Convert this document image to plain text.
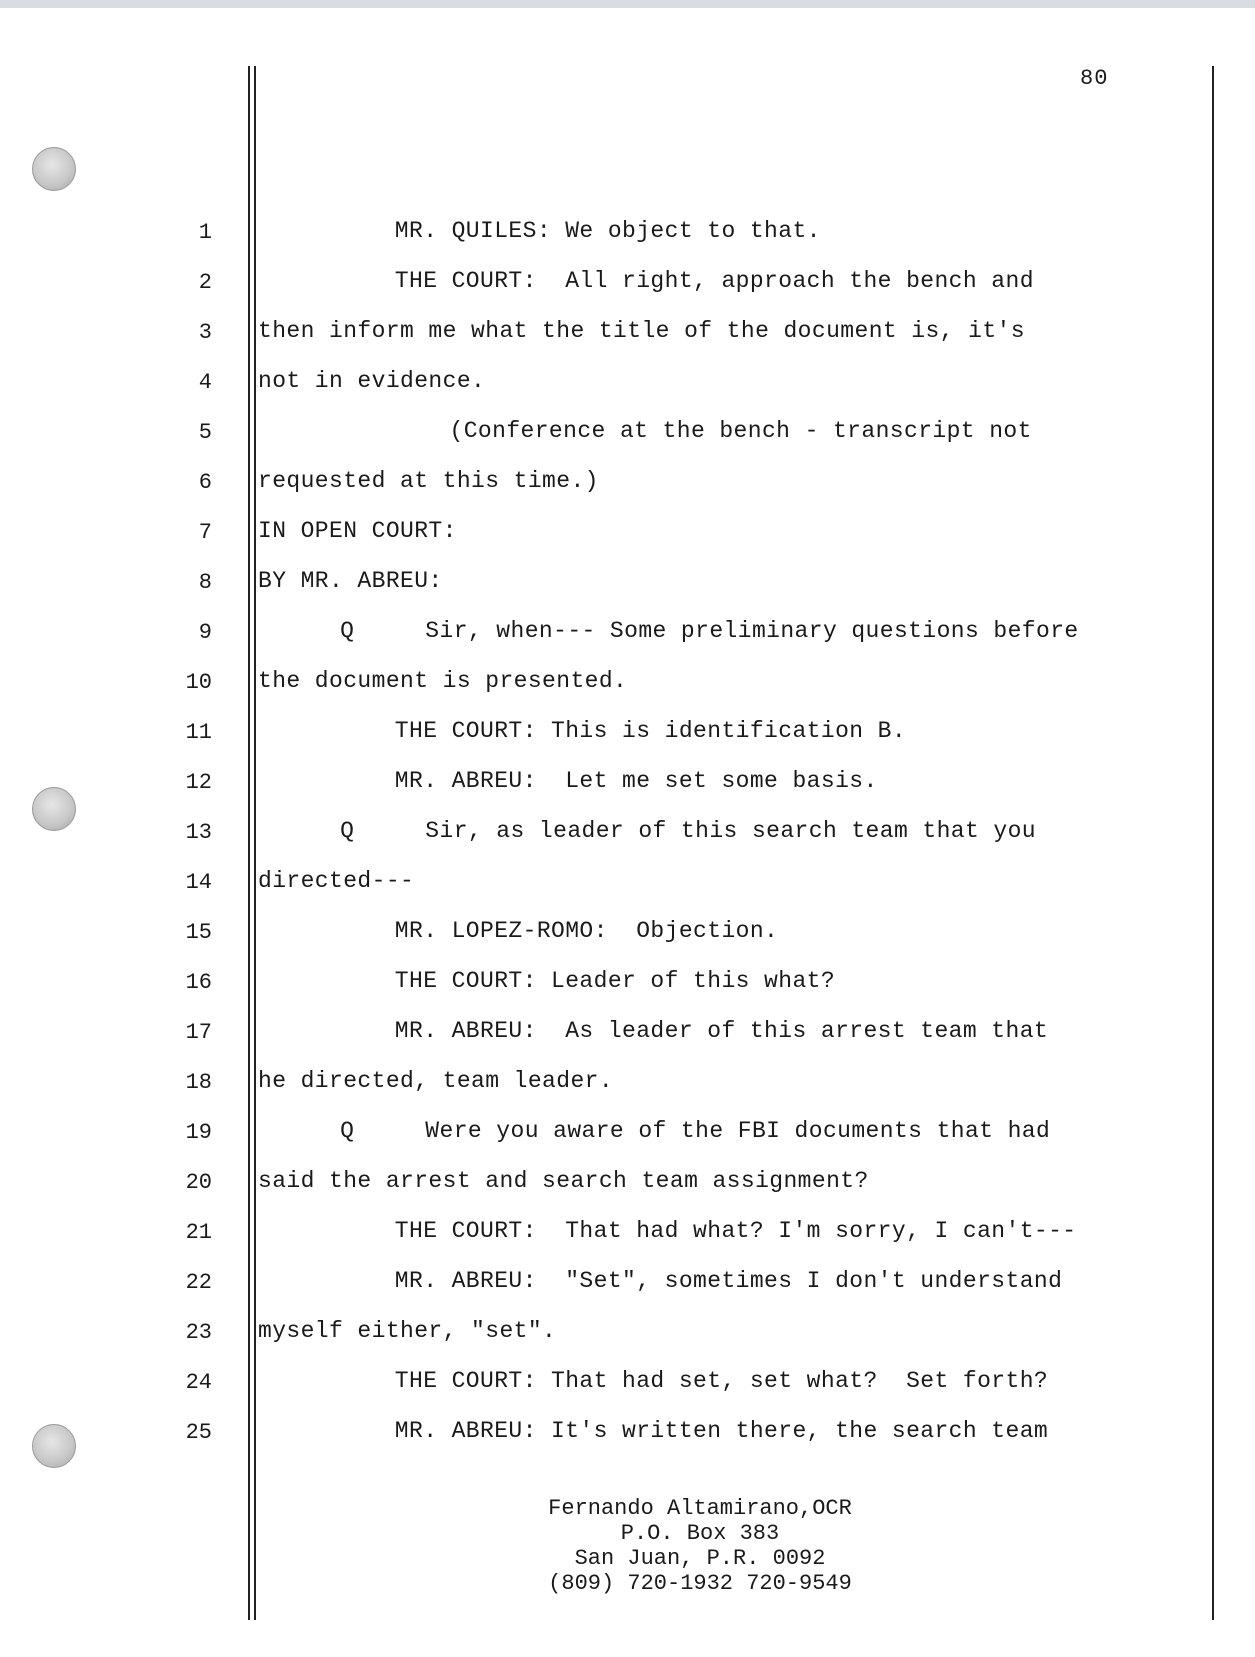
80
1	MR. QUILES: We object to that.
2	THE COURT:  All right, approach the bench and
3 then inform me what the title of the document is, it's
4 not in evidence.
5	(Conference at the bench - transcript not
6 requested at this time.)
7 IN OPEN COURT:
8 BY MR. ABREU:
9	Q     Sir, when--- Some preliminary questions before
10 the document is presented.
11	THE COURT: This is identification B.
12	MR. ABREU:  Let me set some basis.
13	Q     Sir, as leader of this search team that you
14 directed---
15	MR. LOPEZ-ROMO:  Objection.
16	THE COURT: Leader of this what?
17	MR. ABREU:  As leader of this arrest team that
18 he directed, team leader.
19	Q     Were you aware of the FBI documents that had
20 said the arrest and search team assignment?
21	THE COURT:  That had what? I'm sorry, I can't---
22	MR. ABREU:  "Set", sometimes I don't understand
23 myself either, "set".
24	THE COURT: That had set, set what?  Set forth?
25	MR. ABREU: It's written there, the search team
Fernando Altamirano,OCR
P.O. Box 383
San Juan, P.R. 0092
(809) 720-1932 720-9549
